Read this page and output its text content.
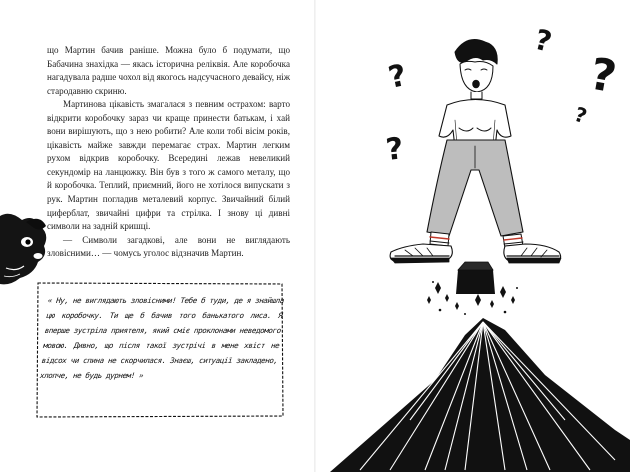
що Мартин бачив раніше. Можна було б подумати, що Бабачина знахідка — якась історична реліквія. Але коробочка нагадувала радше чохол від якогось надсучасного девайсу, ніж стародавню скриню.

Мартинова цікавість змагалася з певним острахом: варто відкрити коробочку зараз чи краще принести батькам, і хай вони вирішують, що з нею робити? Але коли тобі вісім років, цікавість майже завжди перемагає страх. Мартин легким рухом відкрив коробочку. Всередині лежав невеликий секундомір на ланцюжку. Він був з того ж самого металу, що й коробочка. Теплий, приємний, його не хотілося випускати з рук. Мартин погладив металевий корпус. Звичайний білий циферблат, звичайні цифри та стрілка. І знову ці дивні символи на задній кришці.

— Символи загадкові, але вони не виглядають зловісними… — чомусь уголос відзначив Мартин.

« Ну, не виглядають зловісними! Тебе б туди, де я знайшла цю коробочку. Ти ще б бачив того банькатого лиса. Я вперше зустріла приятеля, який сміє проклонами неведомого мовою. Дивно, що після такої зустрічі в мене хвіст не відсох чи спина не скорчилася. Знаєш, ситуації закладено, хлопче, не будь дурнем! »
?
?
?
?
?
